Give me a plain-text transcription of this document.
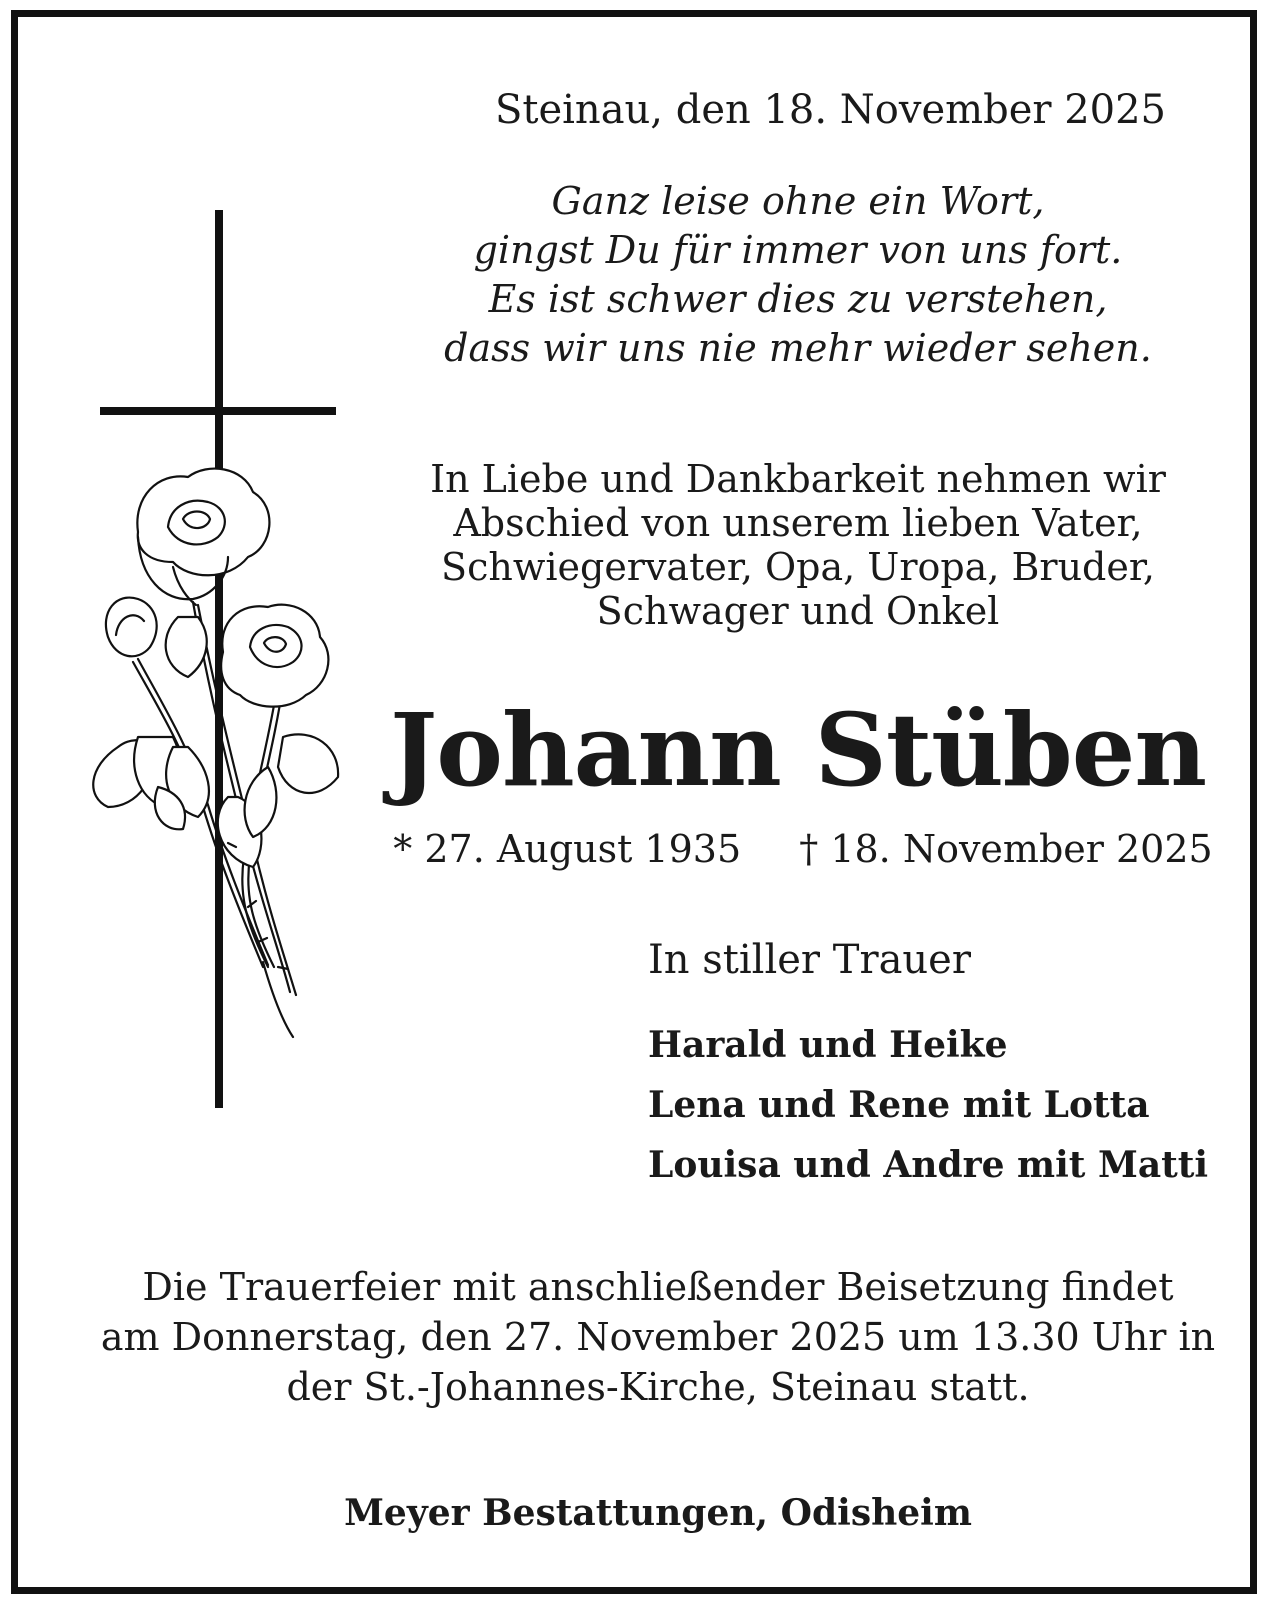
Steinau, den 18. November 2025
Ganz leise ohne ein Wort,
gingst Du für immer von uns fort.
Es ist schwer dies zu verstehen,
dass wir uns nie mehr wieder sehen.
In Liebe und Dankbarkeit nehmen wir
Abschied von unserem lieben Vater,
Schwiegervater, Opa, Uropa, Bruder,
Schwager und Onkel
Johann Stüben
* 27. August 1935 † 18. November 2025
In stiller Trauer
Harald und Heike
Lena und Rene mit Lotta
Louisa und Andre mit Matti
Die Trauerfeier mit anschließender Beisetzung findet
am Donnerstag, den 27. November 2025 um 13.30 Uhr in
der St.-Johannes-Kirche, Steinau statt.
Meyer Bestattungen, Odisheim
